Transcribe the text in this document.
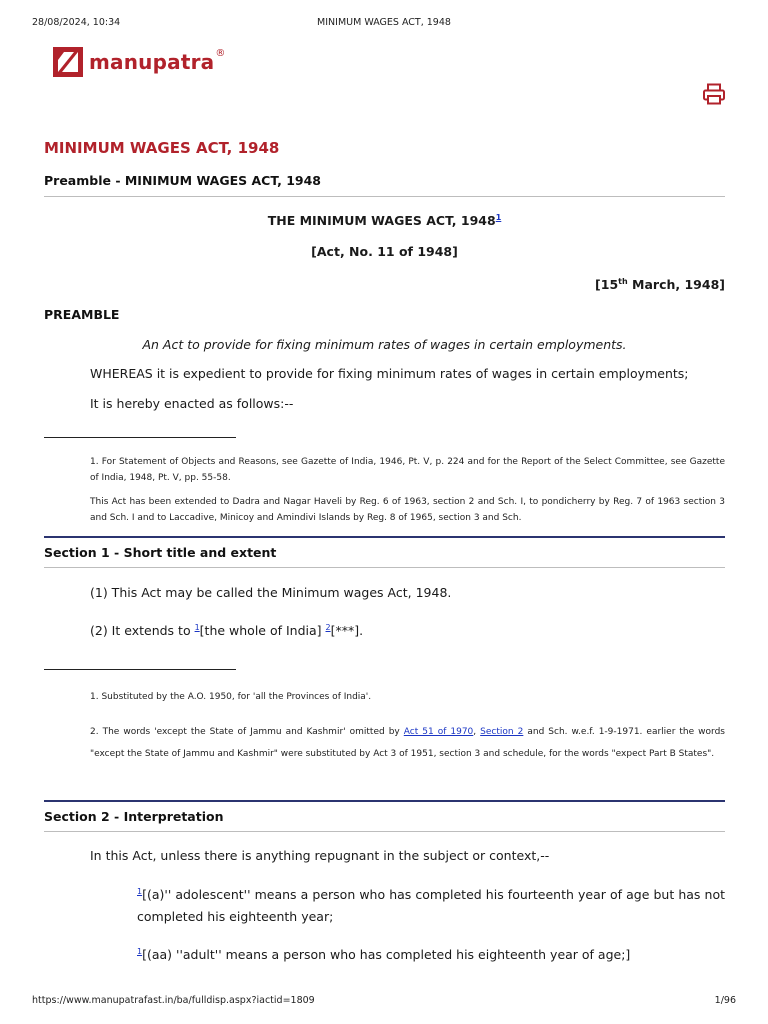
28/08/2024, 10:34	MINIMUM WAGES ACT, 1948
manupatra ®
MINIMUM WAGES ACT, 1948
Preamble - MINIMUM WAGES ACT, 1948
THE MINIMUM WAGES ACT, 1948$^1$
[Act, No. 11 of 1948]
[15th March, 1948]
PREAMBLE
An Act to provide for fixing minimum rates of wages in certain employments.
WHEREAS it is expedient to provide for fixing minimum rates of wages in certain employments;
It is hereby enacted as follows:--
1. For Statement of Objects and Reasons, see Gazette of India, 1946, Pt. V, p. 224 and for the Report of the Select Committee, see Gazette of India, 1948, Pt. V, pp. 55-58.
This Act has been extended to Dadra and Nagar Haveli by Reg. 6 of 1963, section 2 and Sch. I, to pondicherry by Reg. 7 of 1963 section 3 and Sch. I and to Laccadive, Minicoy and Amindivi Islands by Reg. 8 of 1965, section 3 and Sch.
Section 1 - Short title and extent
(1) This Act may be called the Minimum wages Act, 1948.
(2) It extends to $^1$[the whole of India] $^2$[***].
1. Substituted by the A.O. 1950, for 'all the Provinces of India'.
2. The words 'except the State of Jammu and Kashmir' omitted by Act 51 of 1970, Section 2 and Sch. w.e.f. 1-9-1971. earlier the words "except the State of Jammu and Kashmir" were substituted by Act 3 of 1951, section 3 and schedule, for the words "expect Part B States".
Section 2 - Interpretation
In this Act, unless there is anything repugnant in the subject or context,--
$^1$[(a)'' adolescent'' means a person who has completed his fourteenth year of age but has not completed his eighteenth year;
$^1$[(aa) ''adult'' means a person who has completed his eighteenth year of age;]
https://www.manupatrafast.in/ba/fulldisp.aspx?iactid=1809	1/96
